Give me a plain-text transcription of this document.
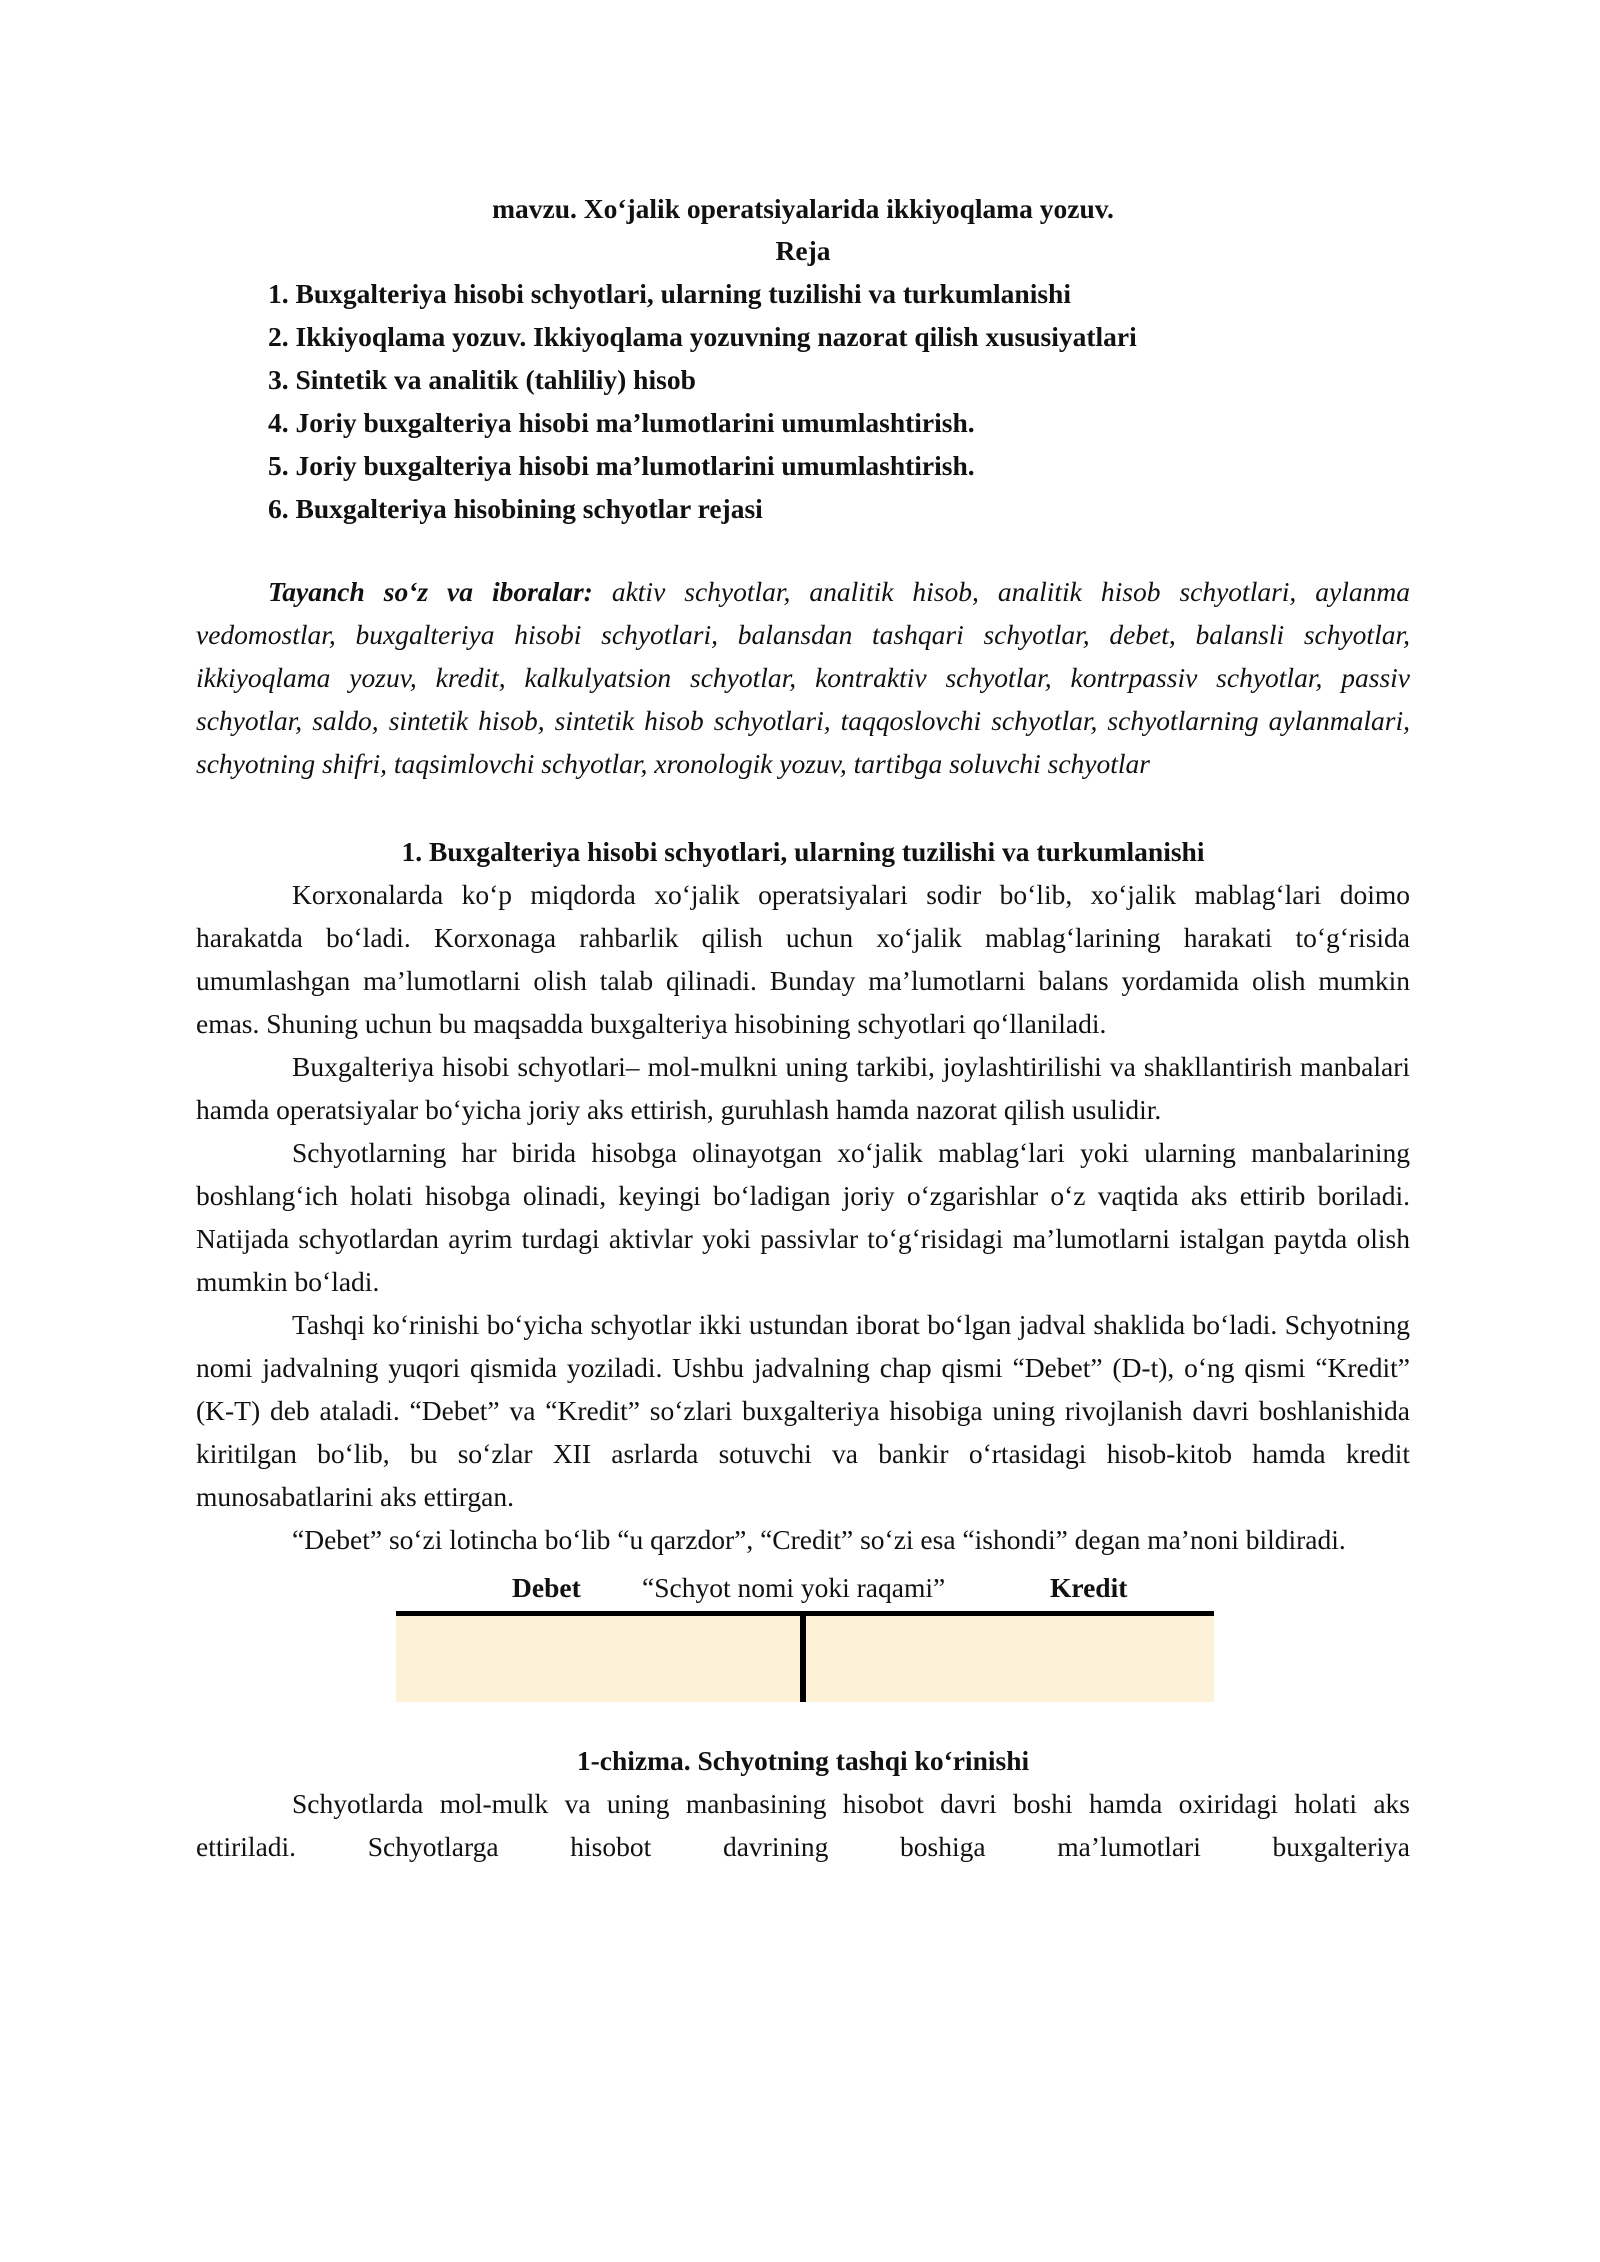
mavzu. Xo‘jalik operatsiyalarida ikkiyoqlama yozuv.
Reja
1. Buxgalteriya hisobi schyotlari, ularning tuzilishi va turkumlanishi
2. Ikkiyoqlama yozuv. Ikkiyoqlama yozuvning nazorat qilish xususiyatlari
3. Sintetik va analitik (tahliliy) hisob
4. Joriy buxgalteriya hisobi ma’lumotlarini umumlashtirish.
5. Joriy buxgalteriya hisobi ma’lumotlarini umumlashtirish.
6. Buxgalteriya hisobining schyotlar rejasi
Tayanch so‘z va iboralar: aktiv schyotlar, analitik hisob, analitik hisob schyotlari, aylanma vedomostlar, buxgalteriya hisobi schyotlari, balansdan tashqari schyotlar, debet, balansli schyotlar, ikkiyoqlama yozuv, kredit, kalkulyatsion schyotlar, kontraktiv schyotlar, kontrpassiv schyotlar, passiv schyotlar, saldo, sintetik hisob, sintetik hisob schyotlari, taqqoslovchi schyotlar, schyotlarning aylanmalari, schyotning shifri, taqsimlovchi schyotlar, xronologik yozuv, tartibga soluvchi schyotlar
1. Buxgalteriya hisobi schyotlari, ularning tuzilishi va turkumlanishi
Korxonalarda ko‘p miqdorda xo‘jalik operatsiyalari sodir bo‘lib, xo‘jalik mablag‘lari doimo harakatda bo‘ladi. Korxonaga rahbarlik qilish uchun xo‘jalik mablag‘larining harakati to‘g‘risida umumlashgan ma’lumotlarni olish talab qilinadi. Bunday ma’lumotlarni balans yordamida olish mumkin emas. Shuning uchun bu maqsadda buxgalteriya hisobining schyotlari qo‘llaniladi.
Buxgalteriya hisobi schyotlari– mol-mulkni uning tarkibi, joylashtirilishi va shakllantirish manbalari hamda operatsiyalar bo‘yicha joriy aks ettirish, guruhlash hamda nazorat qilish usulidir.
Schyotlarning har birida hisobga olinayotgan xo‘jalik mablag‘lari yoki ularning manbalarining boshlang‘ich holati hisobga olinadi, keyingi bo‘ladigan joriy o‘zgarishlar o‘z vaqtida aks ettirib boriladi. Natijada schyotlardan ayrim turdagi aktivlar yoki passivlar to‘g‘risidagi ma’lumotlarni istalgan paytda olish mumkin bo‘ladi.
Tashqi ko‘rinishi bo‘yicha schyotlar ikki ustundan iborat bo‘lgan jadval shaklida bo‘ladi. Schyotning nomi jadvalning yuqori qismida yoziladi. Ushbu jadvalning chap qismi “Debet” (D-t), o‘ng qismi “Kredit” (K-T) deb ataladi. “Debet” va “Kredit” so‘zlari buxgalteriya hisobiga uning rivojlanish davri boshlanishida kiritilgan bo‘lib, bu so‘zlar XII asrlarda sotuvchi va bankir o‘rtasidagi hisob-kitob hamda kredit munosabatlarini aks ettirgan.
“Debet” so‘zi lotincha bo‘lib “u qarzdor”, “Credit” so‘zi esa “ishondi” degan ma’noni bildiradi.
Debet “Schyot nomi yoki raqami”	Kredit
1-chizma. Schyotning tashqi ko‘rinishi
Schyotlarda mol-mulk va uning manbasining hisobot davri boshi hamda oxiridagi holati aks ettiriladi. Schyotlarga hisobot davrining boshiga ma’lumotlari buxgalteriya
